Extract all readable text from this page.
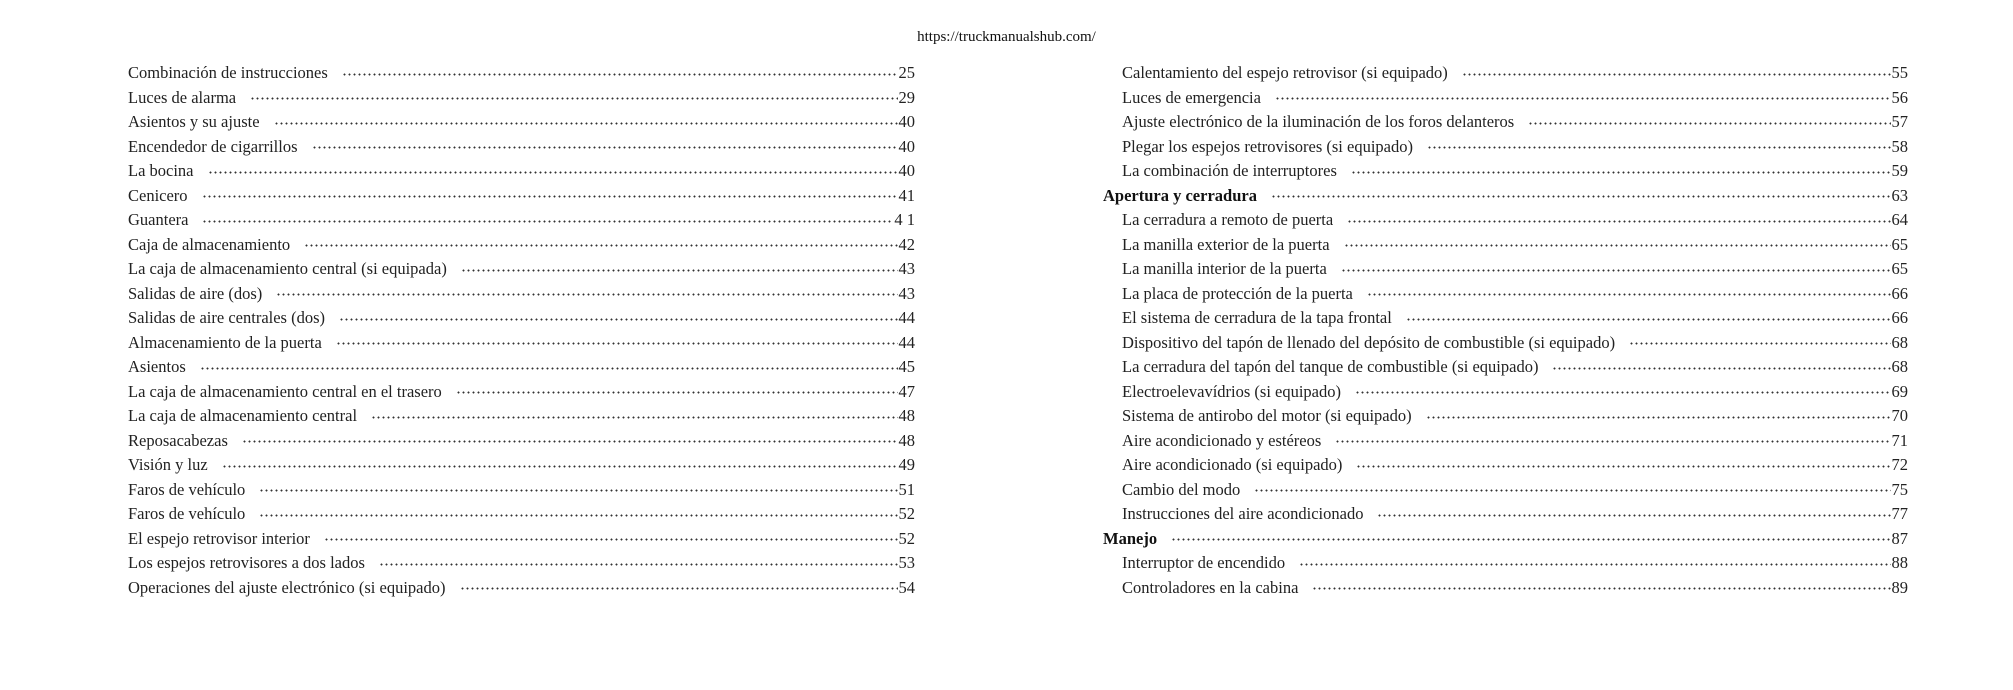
https://truckmanualshub.com/
Combinación de instrucciones	25
Luces de alarma	29
Asientos y su ajuste	40
Encendedor de cigarrillos	40
La bocina	40
Cenicero	41
Guantera	4 1
Caja de almacenamiento	42
La caja de almacenamiento central (si equipada)	43
Salidas de aire (dos)	43
Salidas de aire centrales (dos)	44
Almacenamiento de la puerta	44
Asientos	45
La caja de almacenamiento central en el trasero	47
La caja de almacenamiento central	48
Reposacabezas	48
Visión y luz	49
Faros de vehículo	51
Faros de vehículo	52
El espejo retrovisor interior	52
Los espejos retrovisores a dos lados	53
Operaciones del ajuste electrónico (si equipado)	54
Calentamiento del espejo retrovisor (si equipado)	55
Luces de emergencia	56
Ajuste electrónico de la iluminación de los foros delanteros	57
Plegar los espejos retrovisores (si equipado)	58
La combinación de interruptores	59
Apertura y cerradura	63
La cerradura a remoto de puerta	64
La manilla exterior de la puerta	65
La manilla interior de la puerta	65
La placa de protección de la puerta	66
El sistema de cerradura de la tapa frontal	66
Dispositivo del tapón de llenado del depósito de combustible (si equipado)	68
La cerradura del tapón del tanque de combustible (si equipado)	68
Electroelevavídrios (si equipado)	69
Sistema de antirobo del motor (si equipado)	70
Aire acondicionado y estéreos	71
Aire acondicionado (si equipado)	72
Cambio del modo	75
Instrucciones del aire acondicionado	77
Manejo	87
Interruptor de encendido	88
Controladores en la cabina	89
